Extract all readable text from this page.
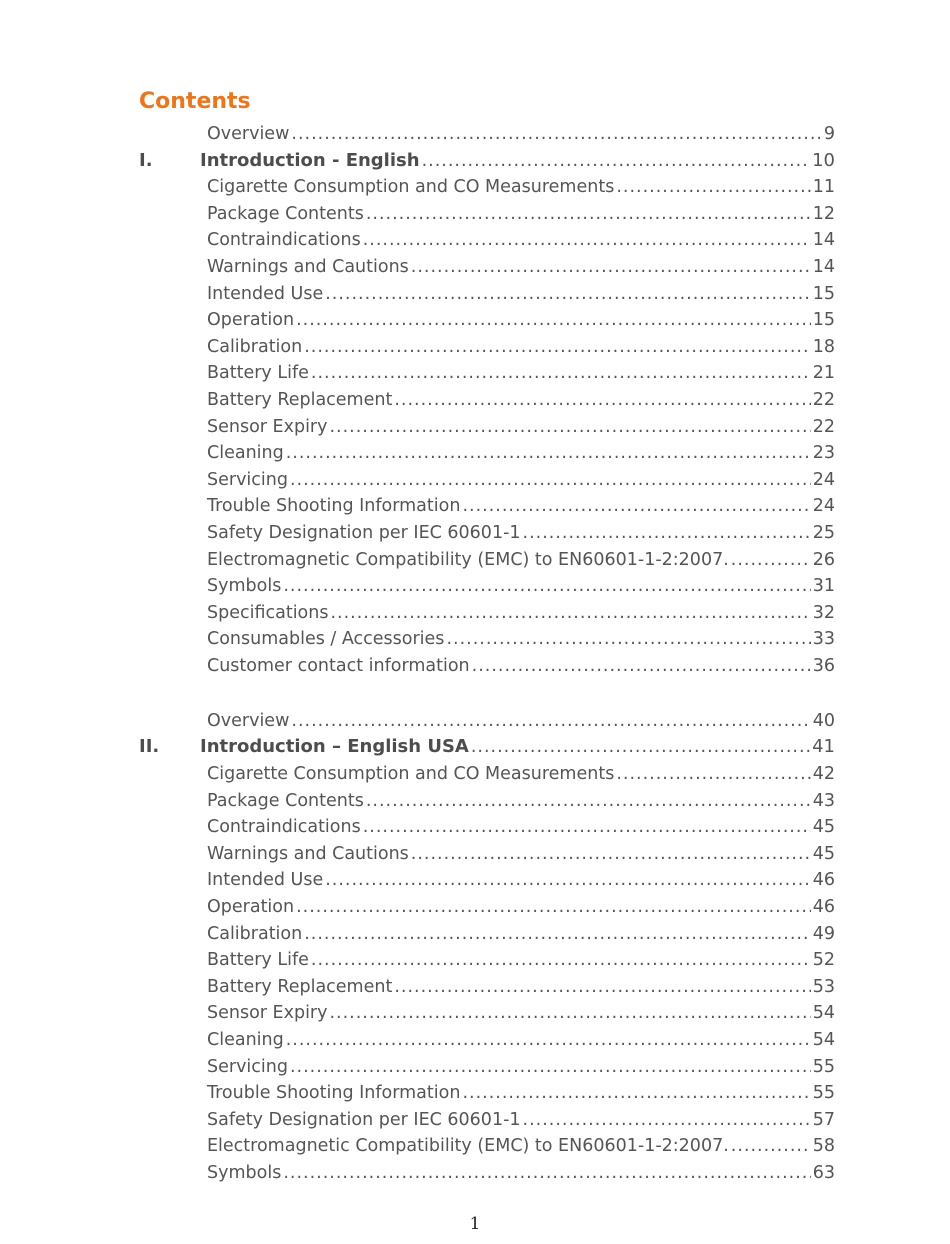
Contents
Overview .....	9
I.	Introduction - English .....	10
Cigarette Consumption and CO Measurements .....	11
Package Contents .....	12
Contraindications .....	14
Warnings and Cautions .....	14
Intended Use .....	15
Operation .....	15
Calibration .....	18
Battery Life .....	21
Battery Replacement .....	22
Sensor Expiry .....	22
Cleaning .....	23
Servicing .....	24
Trouble Shooting Information .....	24
Safety Designation per IEC 60601-1 .....	25
Electromagnetic Compatibility (EMC) to EN60601-1-2:2007. .....	26
Symbols .....	31
Specifications .....	32
Consumables / Accessories .....	33
Customer contact information .....	36
Overview .....	40
II. Introduction – English USA .....	41
Cigarette Consumption and CO Measurements .....	42
Package Contents .....	43
Contraindications .....	45
Warnings and Cautions .....	45
Intended Use .....	46
Operation .....	46
Calibration .....	49
Battery Life .....	52
Battery Replacement .....	53
Sensor Expiry .....	54
Cleaning .....	54
Servicing .....	55
Trouble Shooting Information .....	55
Safety Designation per IEC 60601-1 .....	57
Electromagnetic Compatibility (EMC) to EN60601-1-2:2007. .....	58
Symbols .....	63
1
